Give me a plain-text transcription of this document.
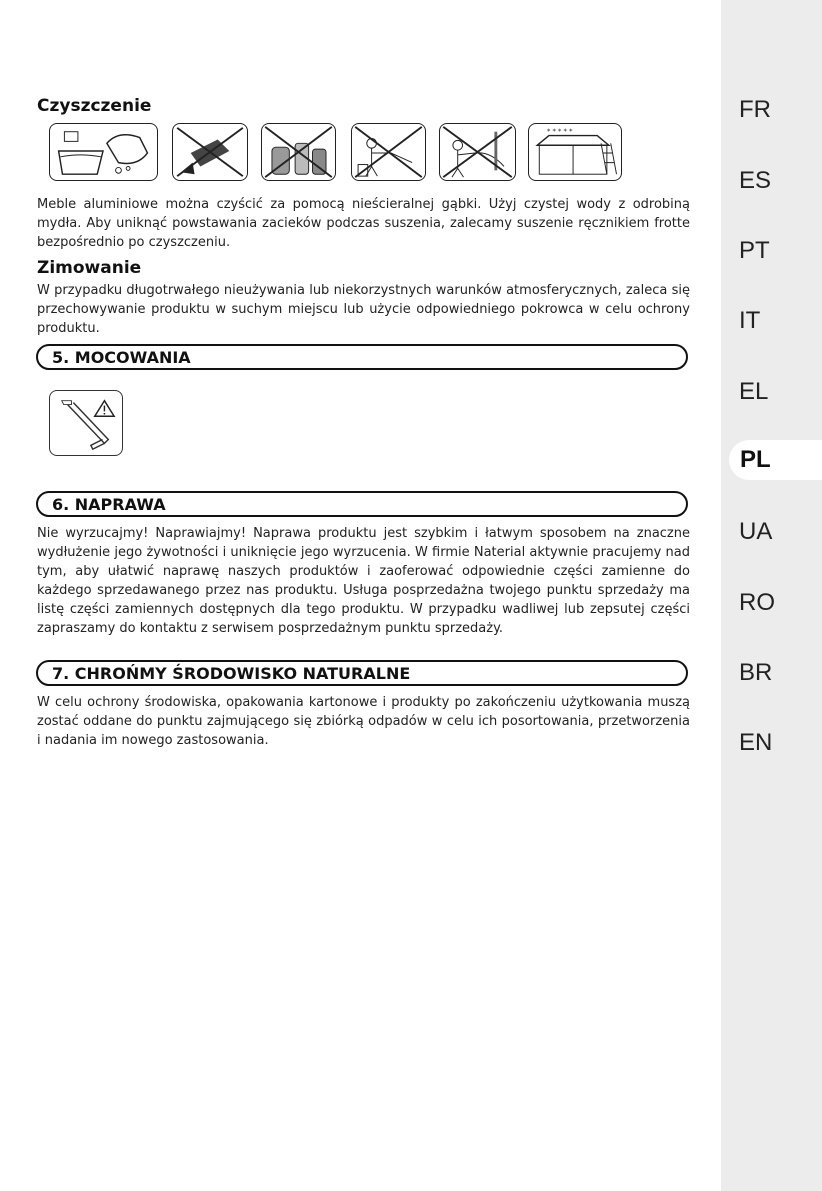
FR
ES
PT
IT
EL
PL
UA
RO
BR
EN
Czyszczenie
* * * * *

Meble aluminiowe można czyścić za pomocą nieścieralnej gąbki. Użyj czystej wody z odrobiną mydła. Aby uniknąć powstawania zacieków podczas suszenia, zalecamy suszenie ręcznikiem frotte bezpośrednio po czyszczeniu.

Zimowanie

W przypadku długotrwałego nieużywania lub niekorzystnych warunków atmosferycznych, zaleca się przechowywanie produktu w suchym miejscu lub użycie odpowiedniego pokrowca w celu ochrony produktu.

5. MOCOWANIA
6. NAPRAWA

Nie wyrzucajmy! Naprawiajmy! Naprawa produktu jest szybkim i łatwym sposobem na znaczne wydłużenie jego żywotności i uniknięcie jego wyrzucenia. W firmie Naterial aktywnie pracujemy nad tym, aby ułatwić naprawę naszych produktów i zaoferować odpowiednie części zamienne do każdego sprzedawanego przez nas produktu. Usługa posprzedażna twojego punktu sprzedaży ma listę części zamiennych dostępnych dla tego produktu. W przypadku wadliwej lub zepsutej części zapraszamy do kontaktu z serwisem posprzedażnym punktu sprzedaży.

7. CHROŃMY ŚRODOWISKO NATURALNE

W celu ochrony środowiska, opakowania kartonowe i produkty po zakończeniu użytkowania muszą zostać oddane do punktu zajmującego się zbiórką odpadów w celu ich posortowania, przetworzenia i nadania im nowego zastosowania.
